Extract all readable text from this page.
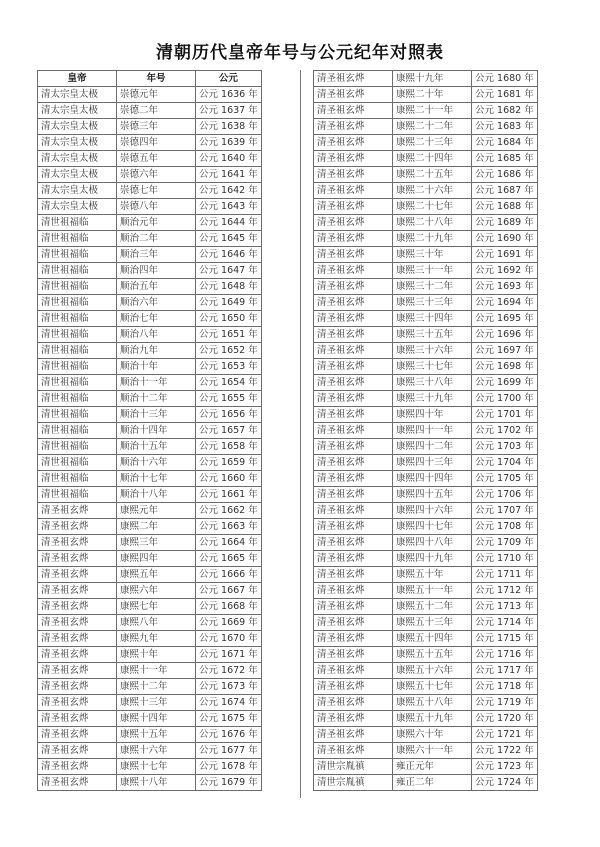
清朝历代皇帝年号与公元纪年对照表
皇帝	年号	公元
清太宗皇太极	崇德元年	公元 1636 年
清太宗皇太极	崇德二年	公元 1637 年
清太宗皇太极	崇德三年	公元 1638 年
清太宗皇太极	崇德四年	公元 1639 年
清太宗皇太极	崇德五年	公元 1640 年
清太宗皇太极	崇德六年	公元 1641 年
清太宗皇太极	崇德七年	公元 1642 年
清太宗皇太极	崇德八年	公元 1643 年
清世祖福临	顺治元年	公元 1644 年
清世祖福临	顺治二年	公元 1645 年
清世祖福临	顺治三年	公元 1646 年
清世祖福临	顺治四年	公元 1647 年
清世祖福临	顺治五年	公元 1648 年
清世祖福临	顺治六年	公元 1649 年
清世祖福临	顺治七年	公元 1650 年
清世祖福临	顺治八年	公元 1651 年
清世祖福临	顺治九年	公元 1652 年
清世祖福临	顺治十年	公元 1653 年
清世祖福临	顺治十一年	公元 1654 年
清世祖福临	顺治十二年	公元 1655 年
清世祖福临	顺治十三年	公元 1656 年
清世祖福临	顺治十四年	公元 1657 年
清世祖福临	顺治十五年	公元 1658 年
清世祖福临	顺治十六年	公元 1659 年
清世祖福临	顺治十七年	公元 1660 年
清世祖福临	顺治十八年	公元 1661 年
清圣祖玄烨	康熙元年	公元 1662 年
清圣祖玄烨	康熙二年	公元 1663 年
清圣祖玄烨	康熙三年	公元 1664 年
清圣祖玄烨	康熙四年	公元 1665 年
清圣祖玄烨	康熙五年	公元 1666 年
清圣祖玄烨	康熙六年	公元 1667 年
清圣祖玄烨	康熙七年	公元 1668 年
清圣祖玄烨	康熙八年	公元 1669 年
清圣祖玄烨	康熙九年	公元 1670 年
清圣祖玄烨	康熙十年	公元 1671 年
清圣祖玄烨	康熙十一年	公元 1672 年
清圣祖玄烨	康熙十二年	公元 1673 年
清圣祖玄烨	康熙十三年	公元 1674 年
清圣祖玄烨	康熙十四年	公元 1675 年
清圣祖玄烨	康熙十五年	公元 1676 年
清圣祖玄烨	康熙十六年	公元 1677 年
清圣祖玄烨	康熙十七年	公元 1678 年
清圣祖玄烨	康熙十八年	公元 1679 年
清圣祖玄烨	康熙十九年	公元 1680 年
清圣祖玄烨	康熙二十年	公元 1681 年
清圣祖玄烨	康熙二十一年	公元 1682 年
清圣祖玄烨	康熙二十二年	公元 1683 年
清圣祖玄烨	康熙二十三年	公元 1684 年
清圣祖玄烨	康熙二十四年	公元 1685 年
清圣祖玄烨	康熙二十五年	公元 1686 年
清圣祖玄烨	康熙二十六年	公元 1687 年
清圣祖玄烨	康熙二十七年	公元 1688 年
清圣祖玄烨	康熙二十八年	公元 1689 年
清圣祖玄烨	康熙二十九年	公元 1690 年
清圣祖玄烨	康熙三十年	公元 1691 年
清圣祖玄烨	康熙三十一年	公元 1692 年
清圣祖玄烨	康熙三十二年	公元 1693 年
清圣祖玄烨	康熙三十三年	公元 1694 年
清圣祖玄烨	康熙三十四年	公元 1695 年
清圣祖玄烨	康熙三十五年	公元 1696 年
清圣祖玄烨	康熙三十六年	公元 1697 年
清圣祖玄烨	康熙三十七年	公元 1698 年
清圣祖玄烨	康熙三十八年	公元 1699 年
清圣祖玄烨	康熙三十九年	公元 1700 年
清圣祖玄烨	康熙四十年	公元 1701 年
清圣祖玄烨	康熙四十一年	公元 1702 年
清圣祖玄烨	康熙四十二年	公元 1703 年
清圣祖玄烨	康熙四十三年	公元 1704 年
清圣祖玄烨	康熙四十四年	公元 1705 年
清圣祖玄烨	康熙四十五年	公元 1706 年
清圣祖玄烨	康熙四十六年	公元 1707 年
清圣祖玄烨	康熙四十七年	公元 1708 年
清圣祖玄烨	康熙四十八年	公元 1709 年
清圣祖玄烨	康熙四十九年	公元 1710 年
清圣祖玄烨	康熙五十年	公元 1711 年
清圣祖玄烨	康熙五十一年	公元 1712 年
清圣祖玄烨	康熙五十二年	公元 1713 年
清圣祖玄烨	康熙五十三年	公元 1714 年
清圣祖玄烨	康熙五十四年	公元 1715 年
清圣祖玄烨	康熙五十五年	公元 1716 年
清圣祖玄烨	康熙五十六年	公元 1717 年
清圣祖玄烨	康熙五十七年	公元 1718 年
清圣祖玄烨	康熙五十八年	公元 1719 年
清圣祖玄烨	康熙五十九年	公元 1720 年
清圣祖玄烨	康熙六十年	公元 1721 年
清圣祖玄烨	康熙六十一年	公元 1722 年
清世宗胤禛	雍正元年	公元 1723 年
清世宗胤禛	雍正二年	公元 1724 年
